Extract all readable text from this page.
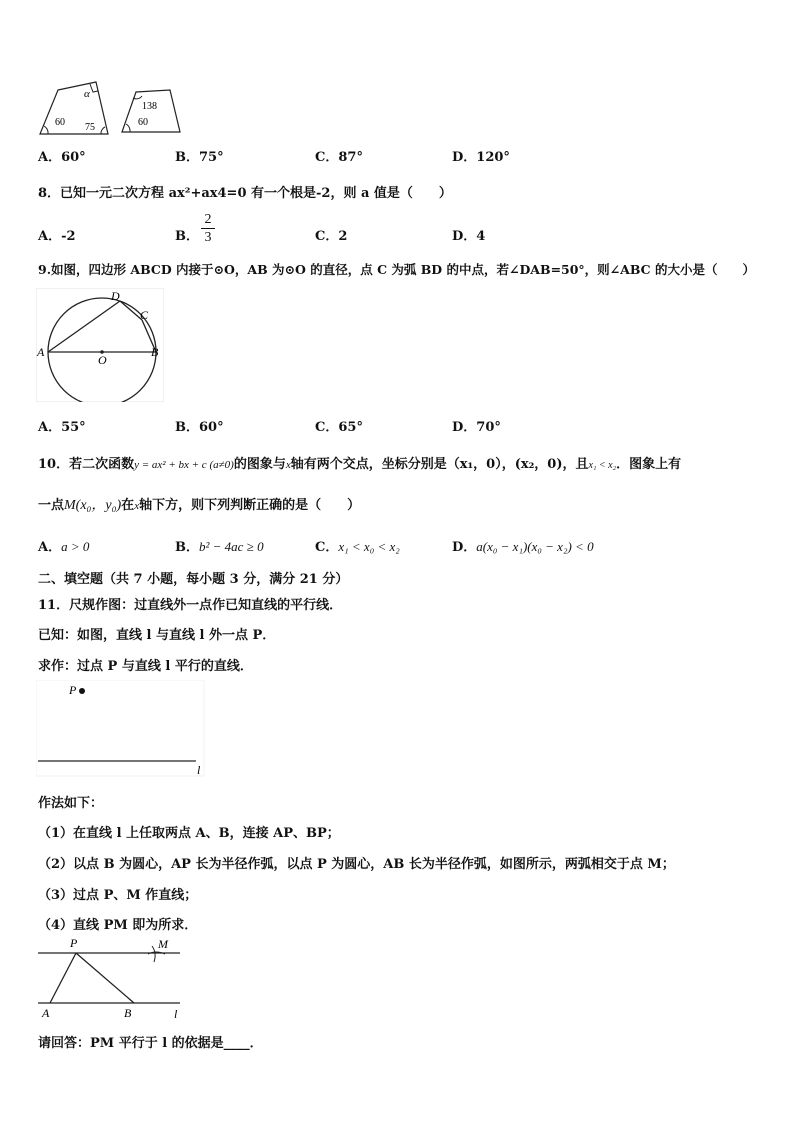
α
60 75
138
60
A．60°	B．75°	C．87°	D．120°
8．已知一元二次方程 ax²+ax4=0 有一个根是-2，则 a 值是（　　）
A．-2	B．
2
3	C．2	D．4
9.如图，四边形 ABCD 内接于⊙O，AB 为⊙O 的直径，点 C 为弧 BD 的中点，若∠DAB=50°，则∠ABC 的大小是（　　）
A	B
C
D
O
A．55°	B．60°	C．65°	D．70°
10．若二次函数y = ax² + bx + c (a≠0)的图象与x轴有两个交点，坐标分别是（x₁，0），(x₂，0)，且x₁ < x₂．图象上有
一点M(x₀，y₀)在x轴下方，则下列判断正确的是（　　）
A．a > 0	B．b² − 4ac ≥ 0	C．x₁ < x₀ < x₂	D．a(x₀ − x₁)(x₀ − x₂) < 0
二、填空题（共 7 小题，每小题 3 分，满分 21 分）
11．尺规作图：过直线外一点作已知直线的平行线．
已知：如图，直线 l 与直线 l 外一点 P．
求作：过点 P 与直线 l 平行的直线．
P
l
作法如下：
（1）在直线 l 上任取两点 A、B，连接 AP、BP；
（2）以点 B 为圆心，AP 长为半径作弧，以点 P 为圆心，AB 长为半径作弧，如图所示，两弧相交于点 M；
（3）过点 P、M 作直线；
（4）直线 PM 即为所求．
P	M
A	B	l
请回答：PM 平行于 l 的依据是____．
